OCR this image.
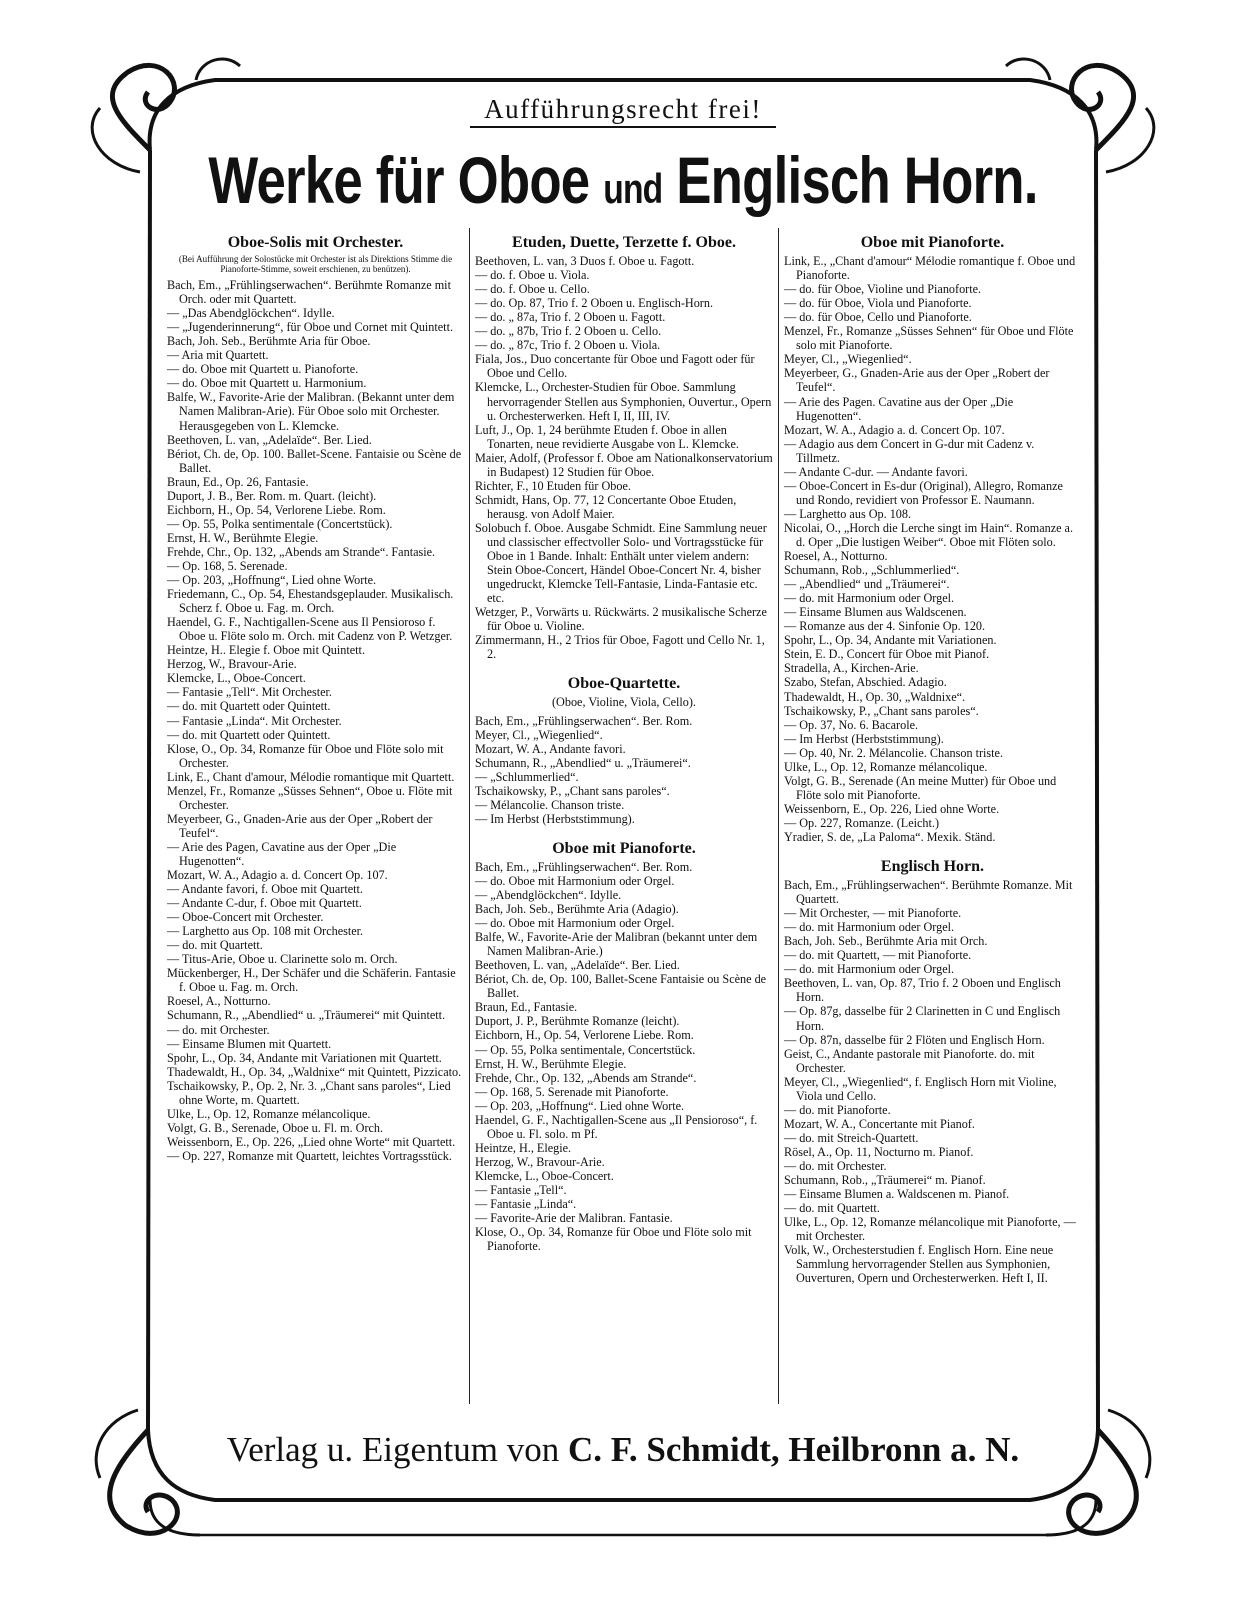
Aufführungsrecht frei!
Werke für Oboe und Englisch Horn.
Oboe-Solis mit Orchester.
(Bei Aufführung der Solostücke mit Orchester ist als Direktions Stimme die Pianoforte-Stimme, soweit erschienen, zu benützen).
Bach, Em., „Frühlingserwachen“. Berühmte Romanze mit Orch. oder mit Quartett.
— „Das Abendglöckchen“. Idylle.
— „Jugenderinnerung“, für Oboe und Cornet mit Quintett.
Bach, Joh. Seb., Berühmte Aria für Oboe.
— Aria mit Quartett.
— do. Oboe mit Quartett u. Pianoforte.
— do. Oboe mit Quartett u. Harmonium.
Balfe, W., Favorite-Arie der Malibran. (Bekannt unter dem Namen Malibran-Arie). Für Oboe solo mit Orchester. Herausgegeben von L. Klemcke.
Beethoven, L. van, „Adelaïde“. Ber. Lied.
Bériot, Ch. de, Op. 100. Ballet-Scene. Fantaisie ou Scène de Ballet.
Braun, Ed., Op. 26, Fantasie.
Duport, J. B., Ber. Rom. m. Quart. (leicht).
Eichborn, H., Op. 54, Verlorene Liebe. Rom.
— Op. 55, Polka sentimentale (Concertstück).
Ernst, H. W., Berühmte Elegie.
Frehde, Chr., Op. 132, „Abends am Strande“. Fantasie.
— Op. 168, 5. Serenade.
— Op. 203, „Hoffnung“, Lied ohne Worte.
Friedemann, C., Op. 54, Ehestandsgeplauder. Musikalisch. Scherz f. Oboe u. Fag. m. Orch.
Haendel, G. F., Nachtigallen-Scene aus Il Pensioroso f. Oboe u. Flöte solo m. Orch. mit Cadenz von P. Wetzger.
Heintze, H.. Elegie f. Oboe mit Quintett.
Herzog, W., Bravour-Arie.
Klemcke, L., Oboe-Concert.
— Fantasie „Tell“. Mit Orchester.
— do. mit Quartett oder Quintett.
— Fantasie „Linda“. Mit Orchester.
— do. mit Quartett oder Quintett.
Klose, O., Op. 34, Romanze für Oboe und Flöte solo mit Orchester.
Link, E., Chant d'amour, Mélodie romantique mit Quartett.
Menzel, Fr., Romanze „Süsses Sehnen“, Oboe u. Flöte mit Orchester.
Meyerbeer, G., Gnaden-Arie aus der Oper „Robert der Teufel“.
— Arie des Pagen, Cavatine aus der Oper „Die Hugenotten“.
Mozart, W. A., Adagio a. d. Concert Op. 107.
— Andante favori, f. Oboe mit Quartett.
— Andante C-dur, f. Oboe mit Quartett.
— Oboe-Concert mit Orchester.
— Larghetto aus Op. 108 mit Orchester.
— do. mit Quartett.
— Titus-Arie, Oboe u. Clarinette solo m. Orch.
Mückenberger, H., Der Schäfer und die Schäferin. Fantasie f. Oboe u. Fag. m. Orch.
Roesel, A., Notturno.
Schumann, R., „Abendlied“ u. „Träumerei“ mit Quintett.
— do. mit Orchester.
— Einsame Blumen mit Quartett.
Spohr, L., Op. 34, Andante mit Variationen mit Quartett.
Thadewaldt, H., Op. 34, „Waldnixe“ mit Quintett, Pizzicato.
Tschaikowsky, P., Op. 2, Nr. 3. „Chant sans paroles“, Lied ohne Worte, m. Quartett.
Ulke, L., Op. 12, Romanze mélancolique.
Volgt, G. B., Serenade, Oboe u. Fl. m. Orch.
Weissenborn, E., Op. 226, „Lied ohne Worte“ mit Quartett.
— Op. 227, Romanze mit Quartett, leichtes Vortragsstück.
Etuden, Duette, Terzette f. Oboe.
Beethoven, L. van, 3 Duos f. Oboe u. Fagott.
— do. f. Oboe u. Viola.
— do. f. Oboe u. Cello.
— do. Op. 87, Trio f. 2 Oboen u. Englisch-Horn.
— do. „ 87a, Trio f. 2 Oboen u. Fagott.
— do. „ 87b, Trio f. 2 Oboen u. Cello.
— do. „ 87c, Trio f. 2 Oboen u. Viola.
Fiala, Jos., Duo concertante für Oboe und Fagott oder für Oboe und Cello.
Klemcke, L., Orchester-Studien für Oboe. Sammlung hervorragender Stellen aus Symphonien, Ouvertur., Opern u. Orchesterwerken. Heft I, II, III, IV.
Luft, J., Op. 1, 24 berühmte Etuden f. Oboe in allen Tonarten, neue revidierte Ausgabe von L. Klemcke.
Maier, Adolf, (Professor f. Oboe am Nationalkonservatorium in Budapest) 12 Studien für Oboe.
Richter, F., 10 Etuden für Oboe.
Schmidt, Hans, Op. 77, 12 Concertante Oboe Etuden, herausg. von Adolf Maier.
Solobuch f. Oboe. Ausgabe Schmidt. Eine Sammlung neuer und classischer effectvoller Solo- und Vortragsstücke für Oboe in 1 Bande. Inhalt: Enthält unter vielem andern: Stein Oboe-Concert, Händel Oboe-Concert Nr. 4, bisher ungedruckt, Klemcke Tell-Fantasie, Linda-Fantasie etc. etc.
Wetzger, P., Vorwärts u. Rückwärts. 2 musikalische Scherze für Oboe u. Violine.
Zimmermann, H., 2 Trios für Oboe, Fagott und Cello Nr. 1, 2.
Oboe-Quartette.
(Oboe, Violine, Viola, Cello).
Bach, Em., „Frühlingserwachen“. Ber. Rom.
Meyer, Cl., „Wiegenlied“.
Mozart, W. A., Andante favori.
Schumann, R., „Abendlied“ u. „Träumerei“.
— „Schlummerlied“.
Tschaikowsky, P., „Chant sans paroles“.
— Mélancolie. Chanson triste.
— Im Herbst (Herbststimmung).
Oboe mit Pianoforte.
Bach, Em., „Frühlingserwachen“. Ber. Rom.
— do. Oboe mit Harmonium oder Orgel.
— „Abendglöckchen“. Idylle.
Bach, Joh. Seb., Berühmte Aria (Adagio).
— do. Oboe mit Harmonium oder Orgel.
Balfe, W., Favorite-Arie der Malibran (bekannt unter dem Namen Malibran-Arie.)
Beethoven, L. van, „Adelaïde“. Ber. Lied.
Bériot, Ch. de, Op. 100, Ballet-Scene Fantaisie ou Scène de Ballet.
Braun, Ed., Fantasie.
Duport, J. P., Berühmte Romanze (leicht).
Eichborn, H., Op. 54, Verlorene Liebe. Rom.
— Op. 55, Polka sentimentale, Concertstück.
Ernst, H. W., Berühmte Elegie.
Frehde, Chr., Op. 132, „Abends am Strande“.
— Op. 168, 5. Serenade mit Pianoforte.
— Op. 203, „Hoffnung“. Lied ohne Worte.
Haendel, G. F., Nachtigallen-Scene aus „Il Pensioroso“, f. Oboe u. Fl. solo. m Pf.
Heintze, H., Elegie.
Herzog, W., Bravour-Arie.
Klemcke, L., Oboe-Concert.
— Fantasie „Tell“.
— Fantasie „Linda“.
— Favorite-Arie der Malibran. Fantasie.
Klose, O., Op. 34, Romanze für Oboe und Flöte solo mit Pianoforte.
Oboe mit Pianoforte.
Link, E., „Chant d'amour“ Mélodie romantique f. Oboe und Pianoforte.
— do. für Oboe, Violine und Pianoforte.
— do. für Oboe, Viola und Pianoforte.
— do. für Oboe, Cello und Pianoforte.
Menzel, Fr., Romanze „Süsses Sehnen“ für Oboe und Flöte solo mit Pianoforte.
Meyer, Cl., „Wiegenlied“.
Meyerbeer, G., Gnaden-Arie aus der Oper „Robert der Teufel“.
— Arie des Pagen. Cavatine aus der Oper „Die Hugenotten“.
Mozart, W. A., Adagio a. d. Concert Op. 107.
— Adagio aus dem Concert in G-dur mit Cadenz v. Tillmetz.
— Andante C-dur. — Andante favori.
— Oboe-Concert in Es-dur (Original), Allegro, Romanze und Rondo, revidiert von Professor E. Naumann.
— Larghetto aus Op. 108.
Nicolai, O., „Horch die Lerche singt im Hain“. Romanze a. d. Oper „Die lustigen Weiber“. Oboe mit Flöten solo.
Roesel, A., Notturno.
Schumann, Rob., „Schlummerlied“.
— „Abendlied“ und „Träumerei“.
— do. mit Harmonium oder Orgel.
— Einsame Blumen aus Waldscenen.
— Romanze aus der 4. Sinfonie Op. 120.
Spohr, L., Op. 34, Andante mit Variationen.
Stein, E. D., Concert für Oboe mit Pianof.
Stradella, A., Kirchen-Arie.
Szabo, Stefan, Abschied. Adagio.
Thadewaldt, H., Op. 30, „Waldnixe“.
Tschaikowsky, P., „Chant sans paroles“.
— Op. 37, No. 6. Bacarole.
— Im Herbst (Herbststimmung).
— Op. 40, Nr. 2. Mélancolie. Chanson triste.
Ulke, L., Op. 12, Romanze mélancolique.
Volgt, G. B., Serenade (An meine Mutter) für Oboe und Flöte solo mit Pianoforte.
Weissenborn, E., Op. 226, Lied ohne Worte.
— Op. 227, Romanze. (Leicht.)
Yradier, S. de, „La Paloma“. Mexik. Ständ.
Englisch Horn.
Bach, Em., „Frühlingserwachen“. Berühmte Romanze. Mit Quartett.
— Mit Orchester, — mit Pianoforte.
— do. mit Harmonium oder Orgel.
Bach, Joh. Seb., Berühmte Aria mit Orch.
— do. mit Quartett, — mit Pianoforte.
— do. mit Harmonium oder Orgel.
Beethoven, L. van, Op. 87, Trio f. 2 Oboen und Englisch Horn.
— Op. 87g, dasselbe für 2 Clarinetten in C und Englisch Horn.
— Op. 87n, dasselbe für 2 Flöten und Englisch Horn.
Geist, C., Andante pastorale mit Pianoforte. do. mit Orchester.
Meyer, Cl., „Wiegenlied“, f. Englisch Horn mit Violine, Viola und Cello.
— do. mit Pianoforte.
Mozart, W. A., Concertante mit Pianof.
— do. mit Streich-Quartett.
Rösel, A., Op. 11, Nocturno m. Pianof.
— do. mit Orchester.
Schumann, Rob., „Träumerei“ m. Pianof.
— Einsame Blumen a. Waldscenen m. Pianof.
— do. mit Quartett.
Ulke, L., Op. 12, Romanze mélancolique mit Pianoforte, — mit Orchester.
Volk, W., Orchesterstudien f. Englisch Horn. Eine neue Sammlung hervorragender Stellen aus Symphonien, Ouverturen, Opern und Orchesterwerken. Heft I, II.
Verlag u. Eigentum von C. F. Schmidt, Heilbronn a. N.
